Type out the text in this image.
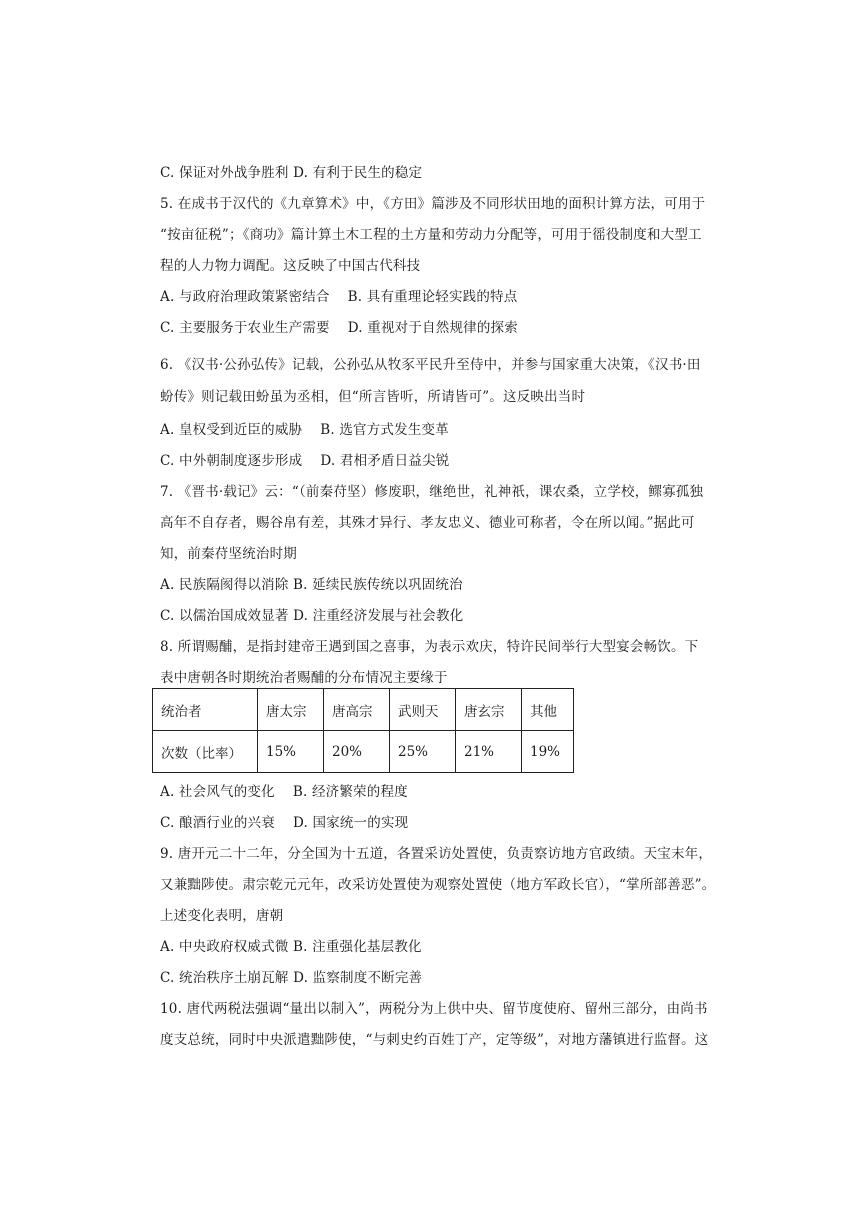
C. 保证对外战争胜利 D. 有利于民生的稳定
5. 在成书于汉代的《九章算术》中，《方田》篇涉及不同形状田地的面积计算方法，可用于
“按亩征税”；《商功》篇计算土木工程的土方量和劳动力分配等，可用于徭役制度和大型工
程的人力物力调配。这反映了中国古代科技
A. 与政府治理政策紧密结合 B. 具有重理论轻实践的特点
C. 主要服务于农业生产需要 D. 重视对于自然规律的探索
6. 《汉书·公孙弘传》记载，公孙弘从牧豕平民升至侍中，并参与国家重大决策，《汉书·田
蚡传》则记载田蚡虽为丞相，但“所言皆听，所请皆可”。这反映出当时
A. 皇权受到近臣的威胁 B. 选官方式发生变革
C. 中外朝制度逐步形成 D. 君相矛盾日益尖锐
7. 《晋书·载记》云：“（前秦苻坚）修废职，继绝世，礼神祇，课农桑，立学校，鳏寡孤独
高年不自存者，赐谷帛有差，其殊才异行、孝友忠义、德业可称者，令在所以闻。”据此可
知，前秦苻坚统治时期
A. 民族隔阂得以消除 B. 延续民族传统以巩固统治
C. 以儒治国成效显著 D. 注重经济发展与社会教化
8. 所谓赐酺，是指封建帝王遇到国之喜事，为表示欢庆，特许民间举行大型宴会畅饮。下
表中唐朝各时期统治者赐酺的分布情况主要缘于
统治者	唐太宗	唐高宗	武则天	唐玄宗	其他
次数（比率）	15%	20%	25%	21%	19%
A. 社会风气的变化 B. 经济繁荣的程度
C. 酿酒行业的兴衰 D. 国家统一的实现
9. 唐开元二十二年，分全国为十五道，各置采访处置使，负责察访地方官政绩。天宝末年，
又兼黜陟使。肃宗乾元元年，改采访处置使为观察处置使（地方军政长官），“掌所部善恶”。
上述变化表明，唐朝
A. 中央政府权威式微 B. 注重强化基层教化
C. 统治秩序土崩瓦解 D. 监察制度不断完善
10. 唐代两税法强调“量出以制入”，两税分为上供中央、留节度使府、留州三部分，由尚书
度支总统，同时中央派遣黜陟使，“与刺史约百姓丁产，定等级”，对地方藩镇进行监督。这
